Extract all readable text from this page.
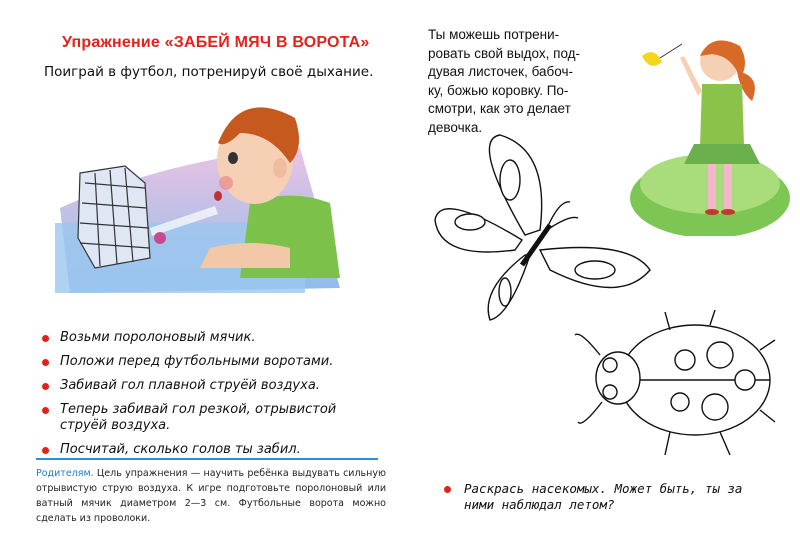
Упражнение «ЗАБЕЙ МЯЧ В ВОРОТА»
Поиграй в футбол, потренируй своё дыхание.
Возьми поролоновый мячик.
Положи перед футбольными воротами.
Забивай гол плавной струёй воздуха.
Теперь забивай гол резкой, отрывистой струёй воздуха.
Посчитай, сколько голов ты забил.
Родителям. Цель упражнения — научить ребёнка выдувать сильную отрывистую струю воздуха. К игре подготовьте поролоновый или ватный мячик диаметром 2—3 см. Футбольные ворота можно сделать из проволоки.
Ты можешь потрени-
ровать свой выдох, под-
дувая листочек, бабоч-
ку, божью коровку. По-
смотри, как это делает
девочка.
Раскрась насекомых. Может быть, ты за ними наблюдал летом?
